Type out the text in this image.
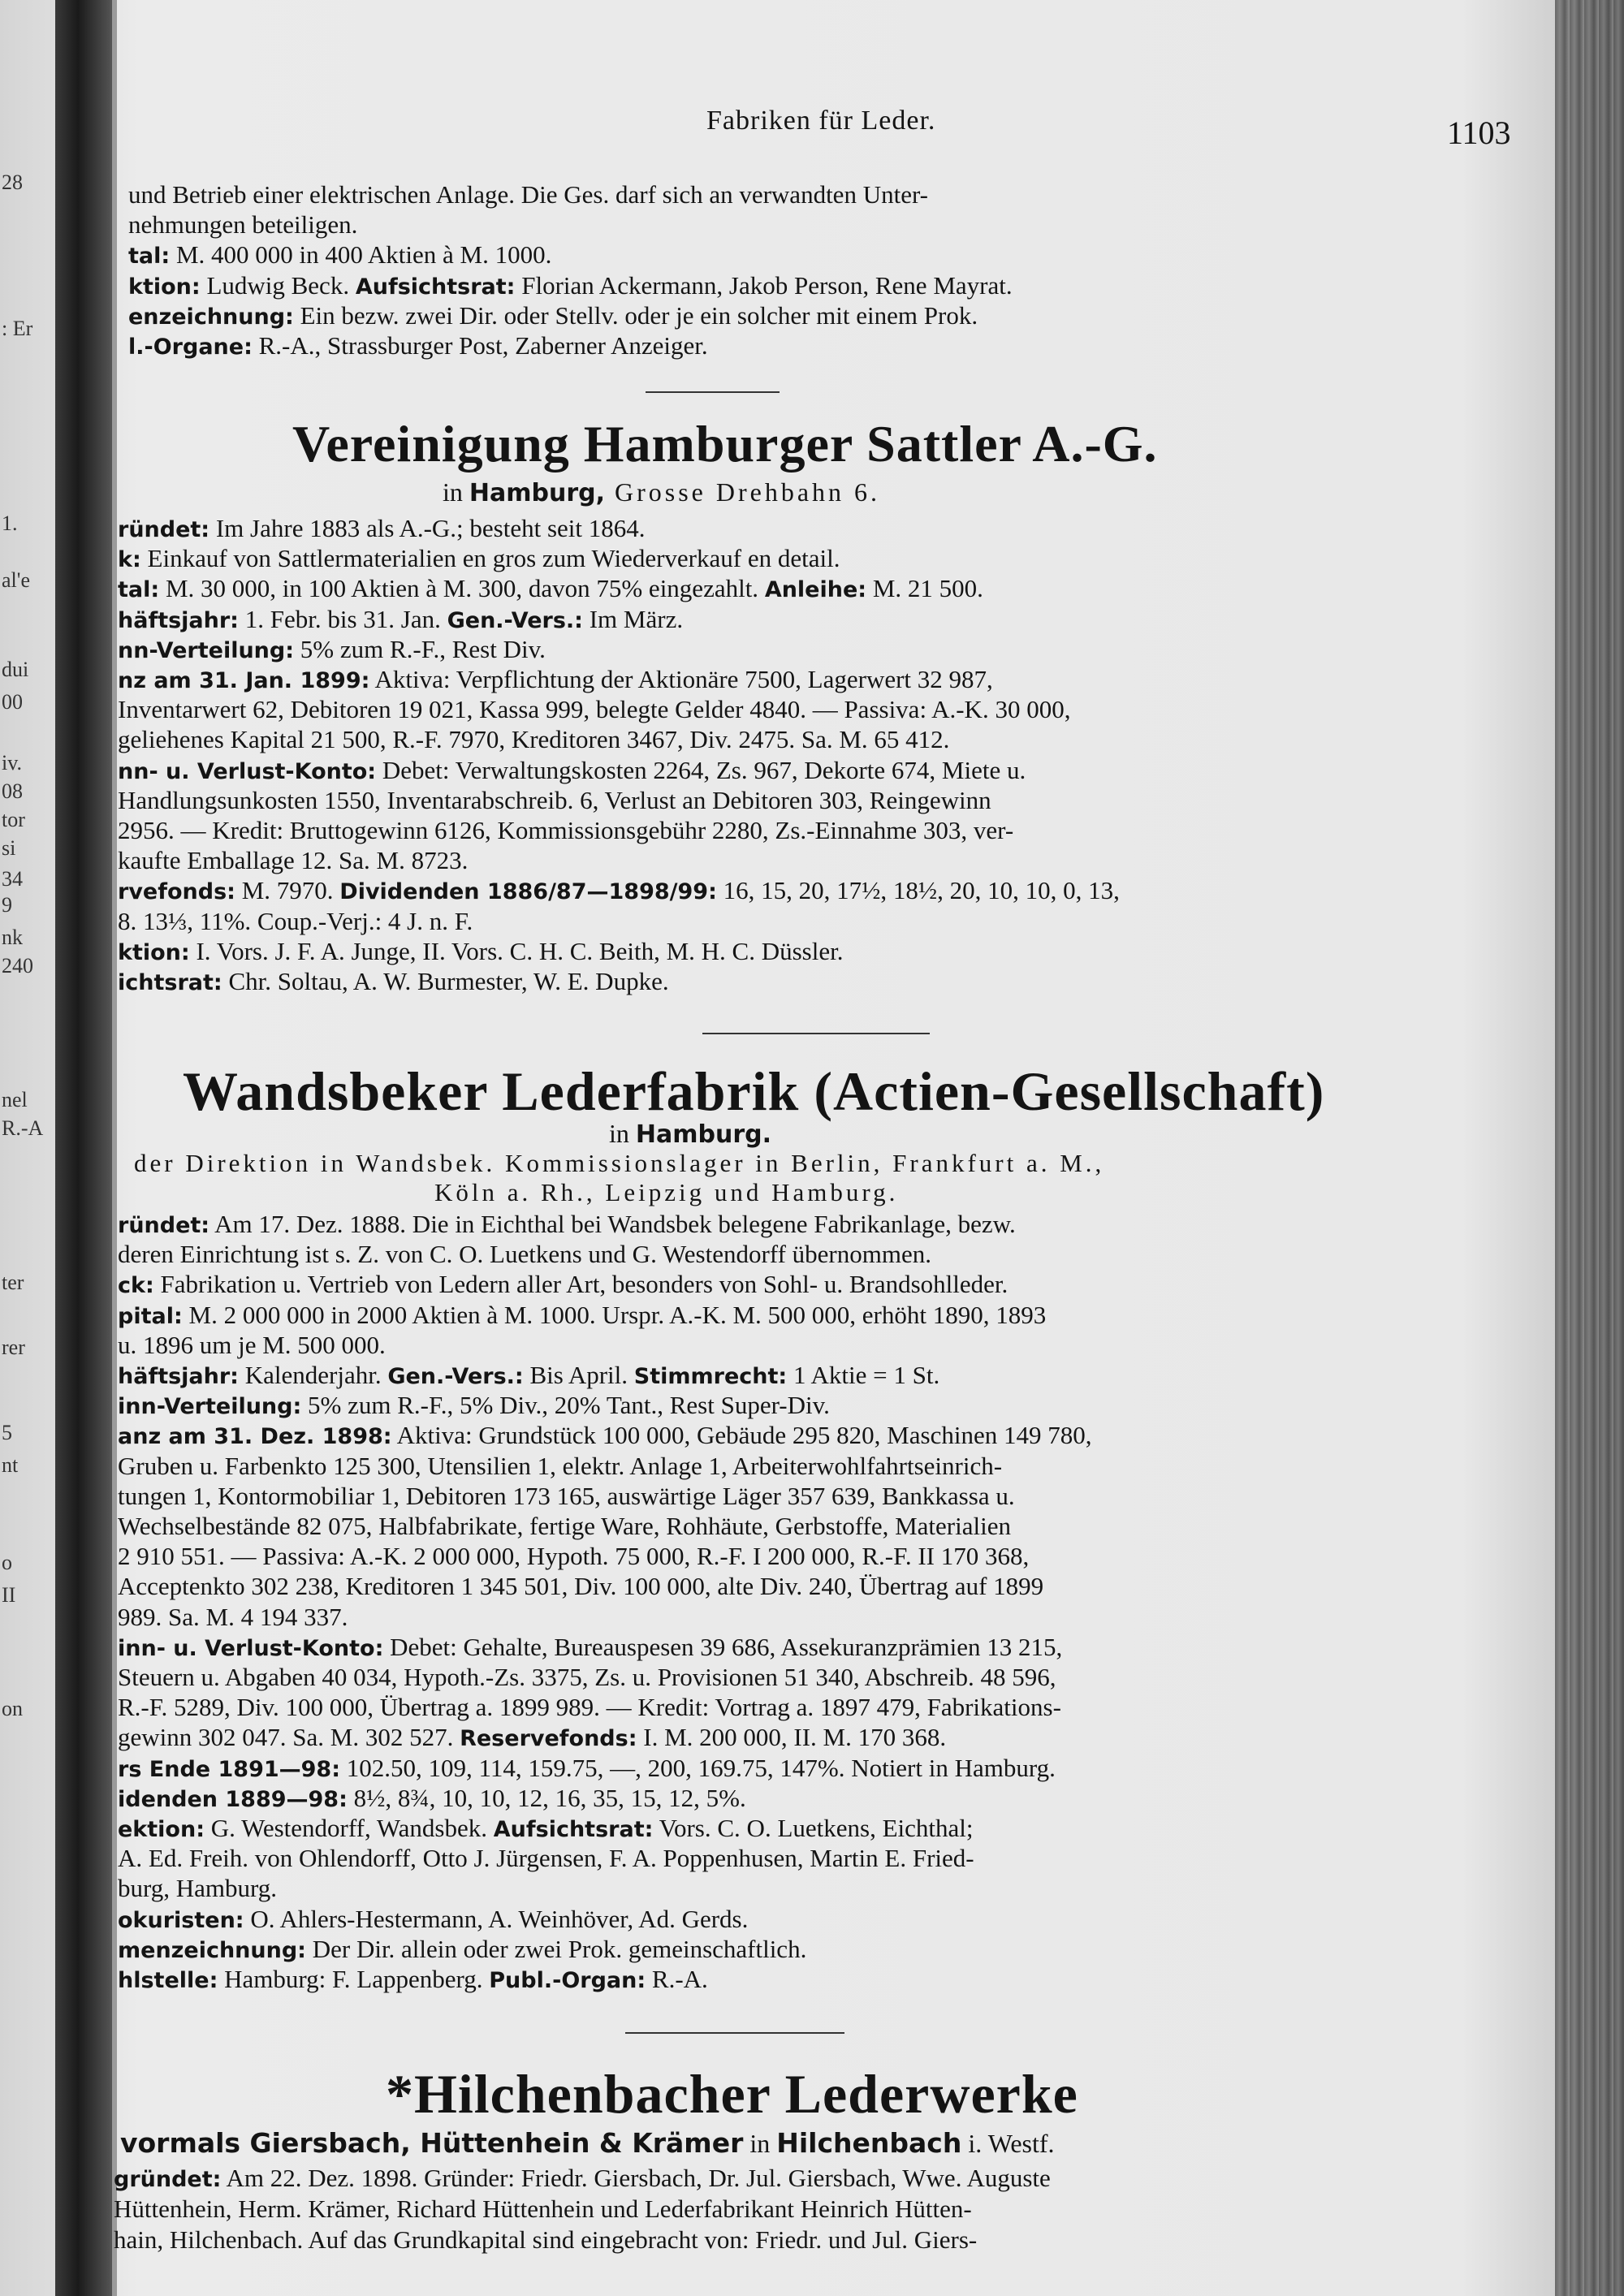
28
: Er
1.
al'e
dui
00
iv.
08
tor
si
34
9
nk
240
nel
R.-A
ter
rer
5
nt
o
II
on
Fabriken für Leder.	1103
und Betrieb einer elektrischen Anlage. Die Ges. darf sich an verwandten Unter-
nehmungen beteiligen.
tal: M. 400 000 in 400 Aktien à M. 1000.
ktion: Ludwig Beck. Aufsichtsrat: Florian Ackermann, Jakob Person, Rene Mayrat.
enzeichnung: Ein bezw. zwei Dir. oder Stellv. oder je ein solcher mit einem Prok.
l.-Organe: R.-A., Strassburger Post, Zaberner Anzeiger.
Vereinigung Hamburger Sattler A.-G.
in Hamburg, Grosse Drehbahn 6.
ründet: Im Jahre 1883 als A.-G.; besteht seit 1864.
k: Einkauf von Sattlermaterialien en gros zum Wiederverkauf en detail.
tal: M. 30 000, in 100 Aktien à M. 300, davon 75% eingezahlt. Anleihe: M. 21 500.
häftsjahr: 1. Febr. bis 31. Jan. Gen.-Vers.: Im März.
nn-Verteilung: 5% zum R.-F., Rest Div.
nz am 31. Jan. 1899: Aktiva: Verpflichtung der Aktionäre 7500, Lagerwert 32 987,
Inventarwert 62, Debitoren 19 021, Kassa 999, belegte Gelder 4840. — Passiva: A.-K. 30 000,
geliehenes Kapital 21 500, R.-F. 7970, Kreditoren 3467, Div. 2475. Sa. M. 65 412.
nn- u. Verlust-Konto: Debet: Verwaltungskosten 2264, Zs. 967, Dekorte 674, Miete u.
Handlungsunkosten 1550, Inventarabschreib. 6, Verlust an Debitoren 303, Reingewinn
2956. — Kredit: Bruttogewinn 6126, Kommissionsgebühr 2280, Zs.-Einnahme 303, ver-
kaufte Emballage 12. Sa. M. 8723.
rvefonds: M. 7970. Dividenden 1886/87—1898/99: 16, 15, 20, 17½, 18½, 20, 10, 10, 0, 13,
8. 13⅓, 11%. Coup.-Verj.: 4 J. n. F.
ktion: I. Vors. J. F. A. Junge, II. Vors. C. H. C. Beith, M. H. C. Düssler.
ichtsrat: Chr. Soltau, A. W. Burmester, W. E. Dupke.
Wandsbeker Lederfabrik (Actien-Gesellschaft)
in Hamburg.
der Direktion in Wandsbek. Kommissionslager in Berlin, Frankfurt a. M.,
Köln a. Rh., Leipzig und Hamburg.
ründet: Am 17. Dez. 1888. Die in Eichthal bei Wandsbek belegene Fabrikanlage, bezw.
deren Einrichtung ist s. Z. von C. O. Luetkens und G. Westendorff übernommen.
ck: Fabrikation u. Vertrieb von Ledern aller Art, besonders von Sohl- u. Brandsohlleder.
pital: M. 2 000 000 in 2000 Aktien à M. 1000. Urspr. A.-K. M. 500 000, erhöht 1890, 1893
u. 1896 um je M. 500 000.
häftsjahr: Kalenderjahr. Gen.-Vers.: Bis April. Stimmrecht: 1 Aktie = 1 St.
inn-Verteilung: 5% zum R.-F., 5% Div., 20% Tant., Rest Super-Div.
anz am 31. Dez. 1898: Aktiva: Grundstück 100 000, Gebäude 295 820, Maschinen 149 780,
Gruben u. Farbenkto 125 300, Utensilien 1, elektr. Anlage 1, Arbeiterwohlfahrtseinrich-
tungen 1, Kontormobiliar 1, Debitoren 173 165, auswärtige Läger 357 639, Bankkassa u.
Wechselbestände 82 075, Halbfabrikate, fertige Ware, Rohhäute, Gerbstoffe, Materialien
2 910 551. — Passiva: A.-K. 2 000 000, Hypoth. 75 000, R.-F. I 200 000, R.-F. II 170 368,
Acceptenkto 302 238, Kreditoren 1 345 501, Div. 100 000, alte Div. 240, Übertrag auf 1899
989. Sa. M. 4 194 337.
inn- u. Verlust-Konto: Debet: Gehalte, Bureauspesen 39 686, Assekuranzprämien 13 215,
Steuern u. Abgaben 40 034, Hypoth.-Zs. 3375, Zs. u. Provisionen 51 340, Abschreib. 48 596,
R.-F. 5289, Div. 100 000, Übertrag a. 1899 989. — Kredit: Vortrag a. 1897 479, Fabrikations-
gewinn 302 047. Sa. M. 302 527. Reservefonds: I. M. 200 000, II. M. 170 368.
rs Ende 1891—98: 102.50, 109, 114, 159.75, —, 200, 169.75, 147%. Notiert in Hamburg.
idenden 1889—98: 8½, 8¾, 10, 10, 12, 16, 35, 15, 12, 5%.
ektion: G. Westendorff, Wandsbek. Aufsichtsrat: Vors. C. O. Luetkens, Eichthal;
A. Ed. Freih. von Ohlendorff, Otto J. Jürgensen, F. A. Poppenhusen, Martin E. Fried-
burg, Hamburg.
okuristen: O. Ahlers-Hestermann, A. Weinhöver, Ad. Gerds.
menzeichnung: Der Dir. allein oder zwei Prok. gemeinschaftlich.
hlstelle: Hamburg: F. Lappenberg. Publ.-Organ: R.-A.
*Hilchenbacher Lederwerke
vormals Giersbach, Hüttenhein & Krämer in Hilchenbach i. Westf.
gründet: Am 22. Dez. 1898. Gründer: Friedr. Giersbach, Dr. Jul. Giersbach, Wwe. Auguste
Hüttenhein, Herm. Krämer, Richard Hüttenhein und Lederfabrikant Heinrich Hütten-
hain, Hilchenbach. Auf das Grundkapital sind eingebracht von: Friedr. und Jul. Giers-
